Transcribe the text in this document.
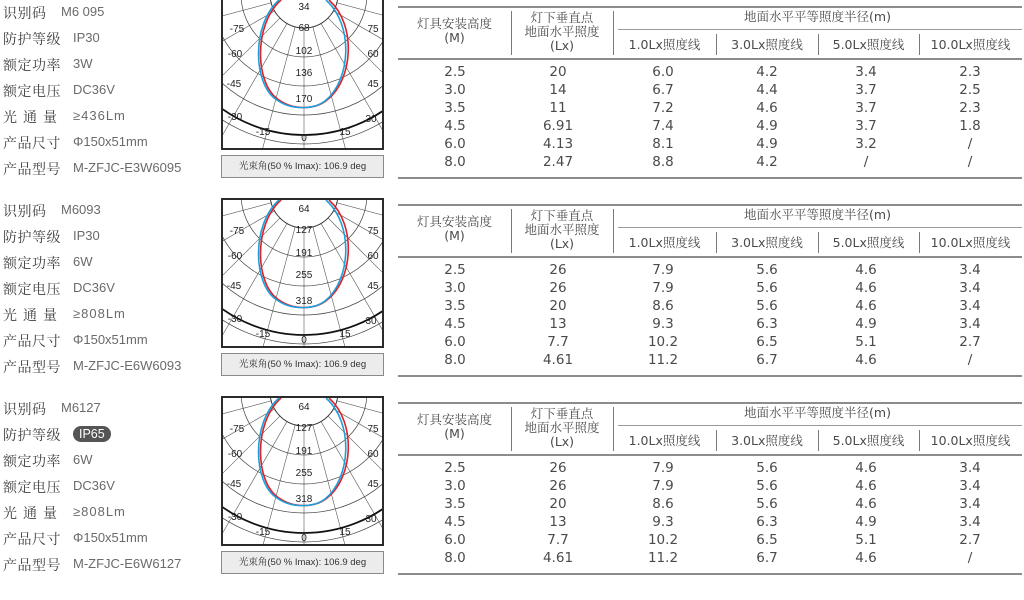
识别码	M6 095
防护等级 IP30
额定功率 3W
额定电压 DC36V
光通量 ≥436Lm
产品尺寸 Φ150x51mm
产品型号 M-ZFJC-E3W6095
34
68
102
136
170
-75
-60
-45
-30
-15
75
60
45
30
15
0
光束角(50 % Imax): 106.9 deg
灯具安装高度
(M)
灯下垂直点
地面水平照度
(Lx)
地面水平平等照度半径(m)
1.0Lx照度线	3.0Lx照度线	5.0Lx照度线	10.0Lx照度线
2.5	20	6.0	4.2	3.4	2.3
3.0	14	6.7	4.4	3.7	2.5
3.5	11	7.2	4.6	3.7	2.3
4.5	6.91	7.4	4.9	3.7	1.8
6.0	4.13	8.1	4.9	3.2	/
8.0	2.47	8.8	4.2	/	/
识别码	M6093
防护等级 IP30
额定功率 6W
额定电压 DC36V
光通量 ≥808Lm
产品尺寸 Φ150x51mm
产品型号 M-ZFJC-E6W6093
64
127
191
255
318
-75
-60
-45
-30
-15
75
60
45
30
15
0
光束角(50 % Imax): 106.9 deg
灯具安装高度
(M)
灯下垂直点
地面水平照度
(Lx)
地面水平平等照度半径(m)
1.0Lx照度线	3.0Lx照度线	5.0Lx照度线	10.0Lx照度线
2.5	26	7.9	5.6	4.6	3.4
3.0	26	7.9	5.6	4.6	3.4
3.5	20	8.6	5.6	4.6	3.4
4.5	13	9.3	6.3	4.9	3.4
6.0	7.7	10.2	6.5	5.1	2.7
8.0	4.61	11.2	6.7	4.6	/
识别码	M6127
防护等级	IP65
额定功率 6W
额定电压 DC36V
光通量 ≥808Lm
产品尺寸 Φ150x51mm
产品型号 M-ZFJC-E6W6127
64
127
191
255
318
-75
-60
-45
-30
-15
75
60
45
30
15
0
光束角(50 % Imax): 106.9 deg
灯具安装高度
(M)
灯下垂直点
地面水平照度
(Lx)
地面水平平等照度半径(m)
1.0Lx照度线	3.0Lx照度线	5.0Lx照度线	10.0Lx照度线
2.5	26	7.9	5.6	4.6	3.4
3.0	26	7.9	5.6	4.6	3.4
3.5	20	8.6	5.6	4.6	3.4
4.5	13	9.3	6.3	4.9	3.4
6.0	7.7	10.2	6.5	5.1	2.7
8.0	4.61	11.2	6.7	4.6	/
